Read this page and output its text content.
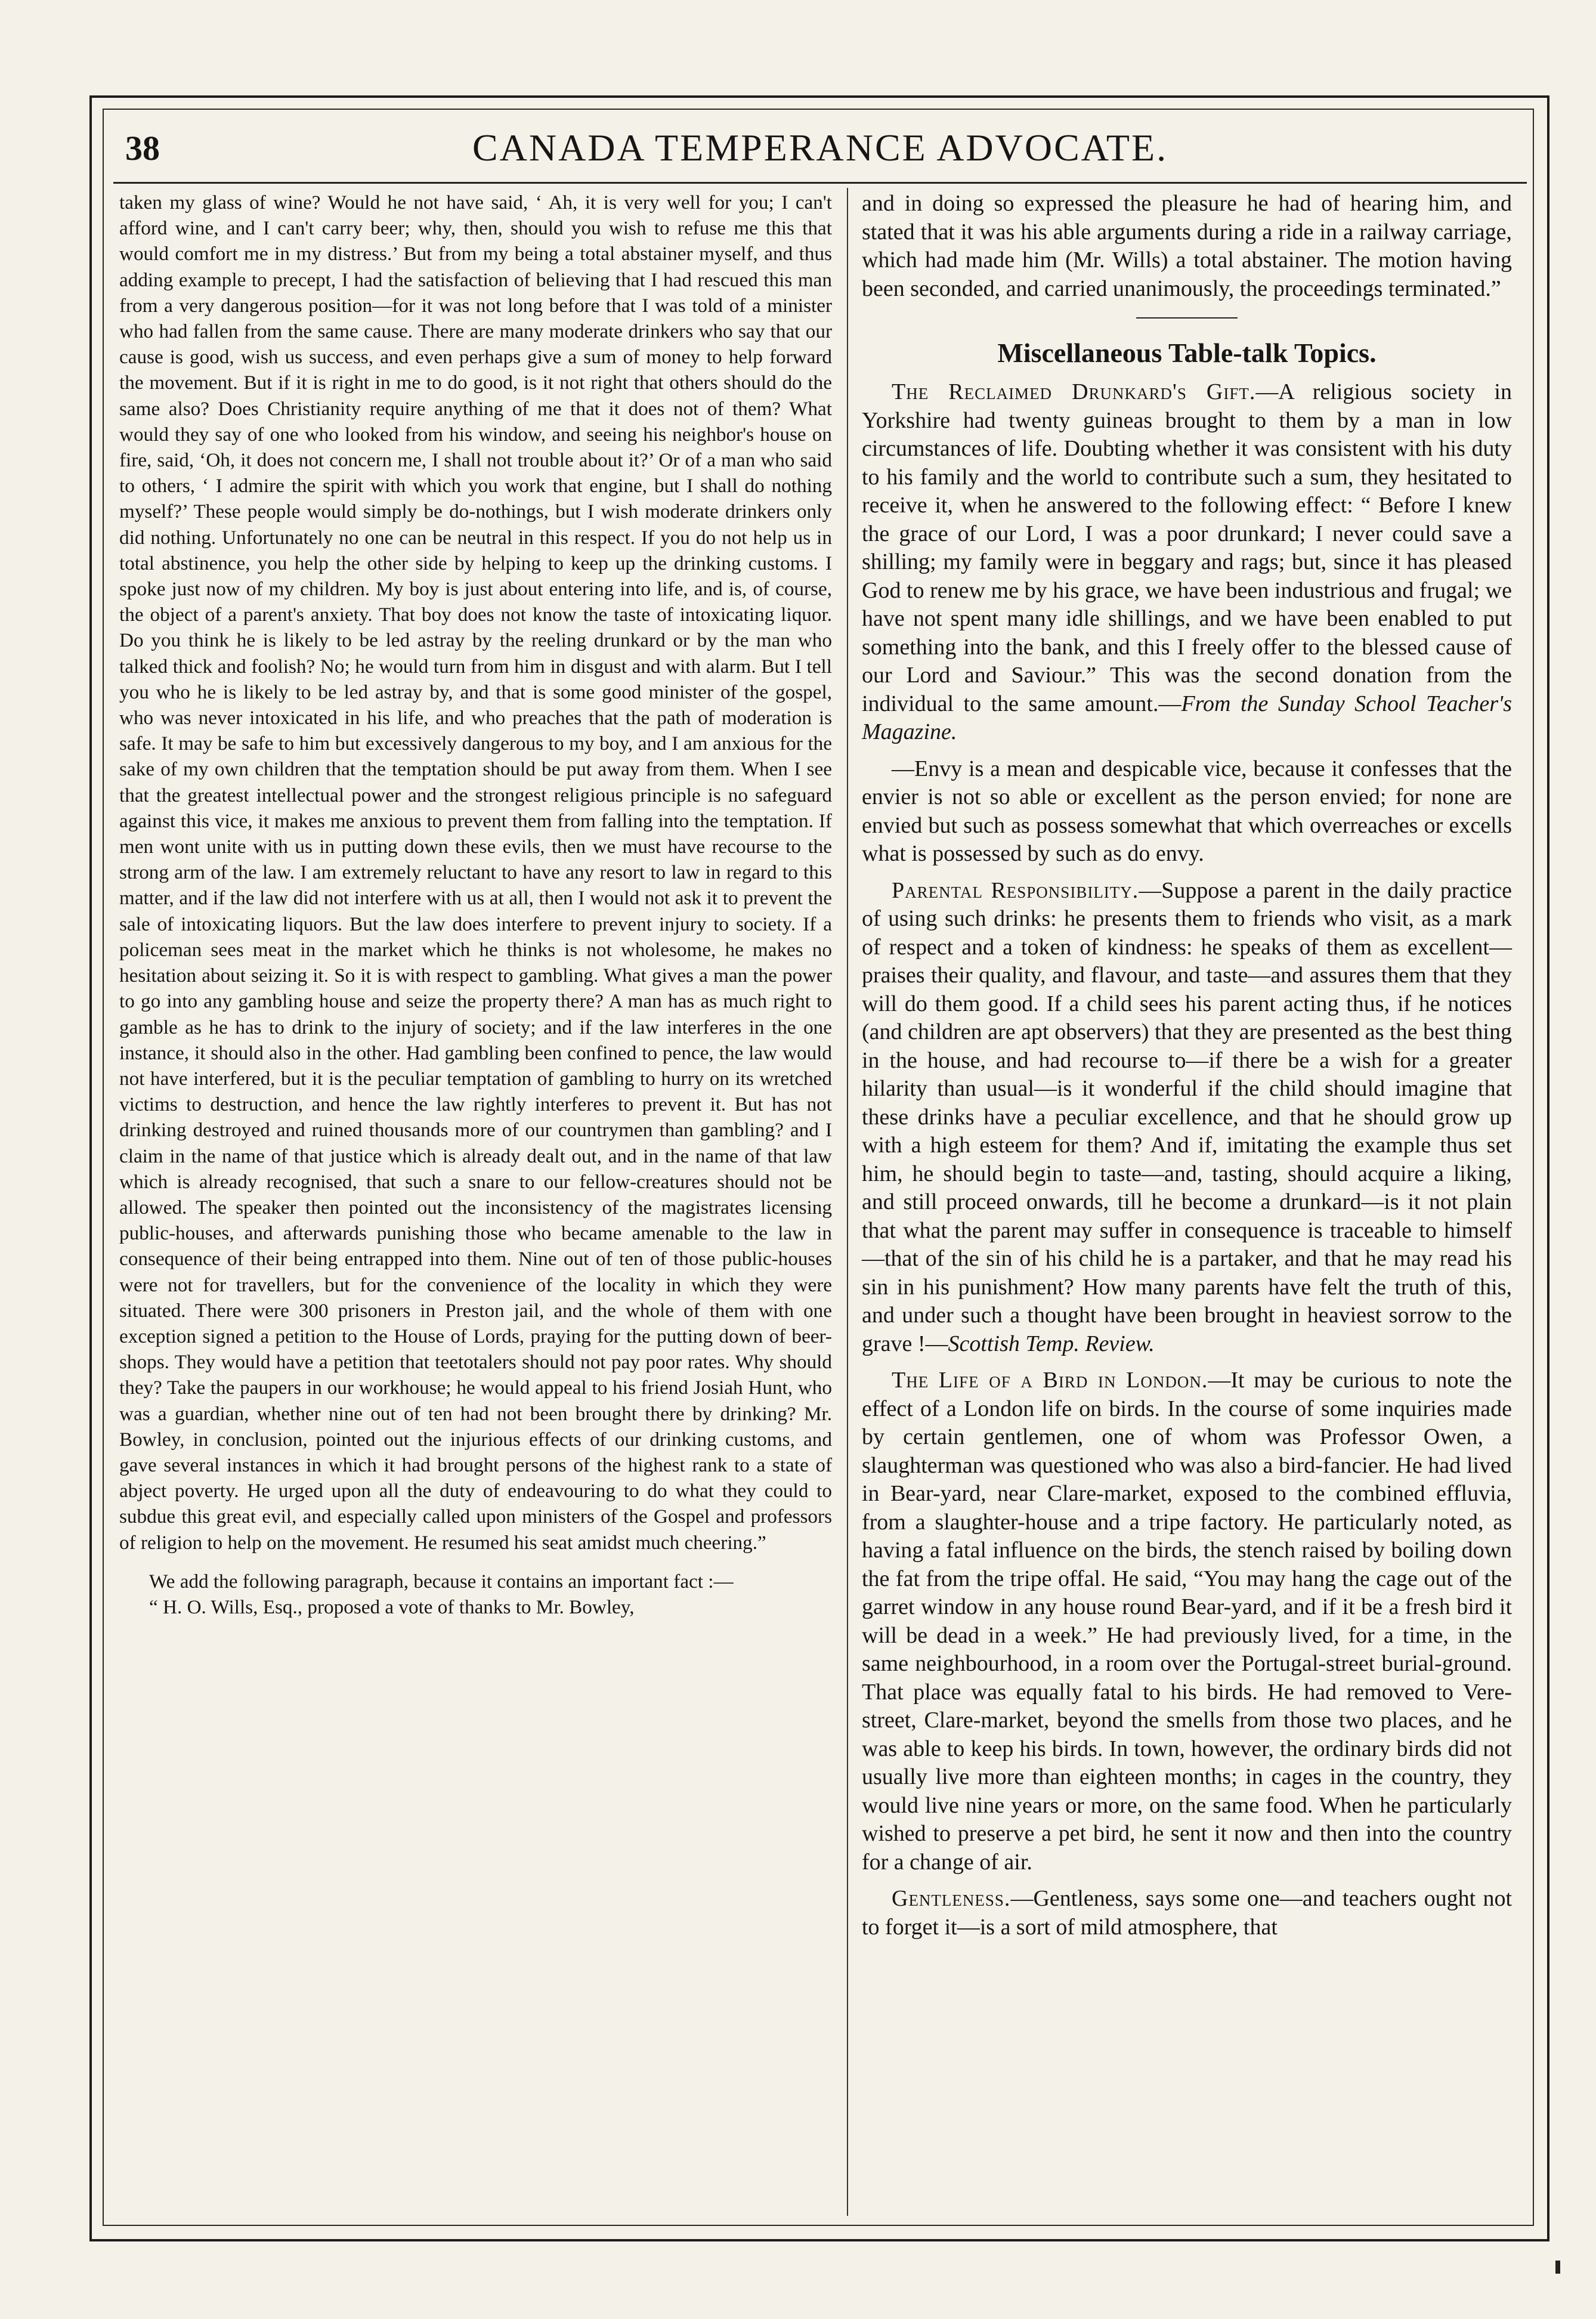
38	CANADA TEMPERANCE ADVOCATE.

taken my glass of wine? Would he not have said, ‘ Ah, it is very well for you; I can't afford wine, and I can't carry beer; why, then, should you wish to refuse me this that would comfort me in my distress.’ But from my being a total abstainer myself, and thus adding example to precept, I had the satisfaction of believing that I had rescued this man from a very dangerous position—for it was not long before that I was told of a minister who had fallen from the same cause. There are many moderate drinkers who say that our cause is good, wish us success, and even perhaps give a sum of money to help forward the movement. But if it is right in me to do good, is it not right that others should do the same also? Does Christianity require anything of me that it does not of them? What would they say of one who looked from his window, and seeing his neighbor's house on fire, said, ‘Oh, it does not concern me, I shall not trouble about it?’ Or of a man who said to others, ‘ I admire the spirit with which you work that engine, but I shall do nothing myself?’ These people would simply be do-nothings, but I wish moderate drinkers only did nothing. Unfortunately no one can be neutral in this respect. If you do not help us in total abstinence, you help the other side by helping to keep up the drinking customs. I spoke just now of my children. My boy is just about entering into life, and is, of course, the object of a parent's anxiety. That boy does not know the taste of intoxicating liquor. Do you think he is likely to be led astray by the reeling drunkard or by the man who talked thick and foolish? No; he would turn from him in disgust and with alarm. But I tell you who he is likely to be led astray by, and that is some good minister of the gospel, who was never intoxicated in his life, and who preaches that the path of moderation is safe. It may be safe to him but excessively dangerous to my boy, and I am anxious for the sake of my own children that the temptation should be put away from them. When I see that the greatest intellectual power and the strongest religious principle is no safeguard against this vice, it makes me anxious to prevent them from falling into the temptation. If men wont unite with us in putting down these evils, then we must have recourse to the strong arm of the law. I am extremely reluctant to have any resort to law in regard to this matter, and if the law did not interfere with us at all, then I would not ask it to prevent the sale of intoxicating liquors. But the law does interfere to prevent injury to society. If a policeman sees meat in the market which he thinks is not wholesome, he makes no hesitation about seizing it. So it is with respect to gambling. What gives a man the power to go into any gambling house and seize the property there? A man has as much right to gamble as he has to drink to the injury of society; and if the law interferes in the one instance, it should also in the other. Had gambling been confined to pence, the law would not have interfered, but it is the peculiar temptation of gambling to hurry on its wretched victims to destruction, and hence the law rightly interferes to prevent it. But has not drinking destroyed and ruined thousands more of our countrymen than gambling? and I claim in the name of that justice which is already dealt out, and in the name of that law which is already recognised, that such a snare to our fellow-creatures should not be allowed. The speaker then pointed out the inconsistency of the magistrates licensing public-houses, and afterwards punishing those who became amenable to the law in consequence of their being entrapped into them. Nine out of ten of those public-houses were not for travellers, but for the convenience of the locality in which they were situated. There were 300 prisoners in Preston jail, and the whole of them with one exception signed a petition to the House of Lords, praying for the putting down of beer-shops. They would have a petition that teetotalers should not pay poor rates. Why should they? Take the paupers in our workhouse; he would appeal to his friend Josiah Hunt, who was a guardian, whether nine out of ten had not been brought there by drinking? Mr. Bowley, in conclusion, pointed out the injurious effects of our drinking customs, and gave several instances in which it had brought persons of the highest rank to a state of abject poverty. He urged upon all the duty of endeavouring to do what they could to subdue this great evil, and especially called upon ministers of the Gospel and professors of religion to help on the movement. He resumed his seat amidst much cheering.”

We add the following paragraph, because it contains an important fact :—

“ H. O. Wills, Esq., proposed a vote of thanks to Mr. Bowley,

and in doing so expressed the pleasure he had of hearing him, and stated that it was his able arguments during a ride in a railway carriage, which had made him (Mr. Wills) a total abstainer. The motion having been seconded, and carried unanimously, the proceedings terminated.”

Miscellaneous Table-talk Topics.

The Reclaimed Drunkard's Gift.—A religious society in Yorkshire had twenty guineas brought to them by a man in low circumstances of life. Doubting whether it was consistent with his duty to his family and the world to contribute such a sum, they hesitated to receive it, when he answered to the following effect: “ Before I knew the grace of our Lord, I was a poor drunkard; I never could save a shilling; my family were in beggary and rags; but, since it has pleased God to renew me by his grace, we have been industrious and frugal; we have not spent many idle shillings, and we have been enabled to put something into the bank, and this I freely offer to the blessed cause of our Lord and Saviour.” This was the second donation from the individual to the same amount.—From the Sunday School Teacher's Magazine.

—Envy is a mean and despicable vice, because it confesses that the envier is not so able or excellent as the person envied; for none are envied but such as possess somewhat that which overreaches or excells what is possessed by such as do envy.

Parental Responsibility.—Suppose a parent in the daily practice of using such drinks: he presents them to friends who visit, as a mark of respect and a token of kindness: he speaks of them as excellent—praises their quality, and flavour, and taste—and assures them that they will do them good. If a child sees his parent acting thus, if he notices (and children are apt observers) that they are presented as the best thing in the house, and had recourse to—if there be a wish for a greater hilarity than usual—is it wonderful if the child should imagine that these drinks have a peculiar excellence, and that he should grow up with a high esteem for them? And if, imitating the example thus set him, he should begin to taste—and, tasting, should acquire a liking, and still proceed onwards, till he become a drunkard—is it not plain that what the parent may suffer in consequence is traceable to himself—that of the sin of his child he is a partaker, and that he may read his sin in his punishment? How many parents have felt the truth of this, and under such a thought have been brought in heaviest sorrow to the grave !—Scottish Temp. Review.

The Life of a Bird in London.—It may be curious to note the effect of a London life on birds. In the course of some inquiries made by certain gentlemen, one of whom was Professor Owen, a slaughterman was questioned who was also a bird-fancier. He had lived in Bear-yard, near Clare-market, exposed to the combined effluvia, from a slaughter-house and a tripe factory. He particularly noted, as having a fatal influence on the birds, the stench raised by boiling down the fat from the tripe offal. He said, “You may hang the cage out of the garret window in any house round Bear-yard, and if it be a fresh bird it will be dead in a week.” He had previously lived, for a time, in the same neighbourhood, in a room over the Portugal-street burial-ground. That place was equally fatal to his birds. He had removed to Vere-street, Clare-market, beyond the smells from those two places, and he was able to keep his birds. In town, however, the ordinary birds did not usually live more than eighteen months; in cages in the country, they would live nine years or more, on the same food. When he particularly wished to preserve a pet bird, he sent it now and then into the country for a change of air.

Gentleness.—Gentleness, says some one—and teachers ought not to forget it—is a sort of mild atmosphere, that
